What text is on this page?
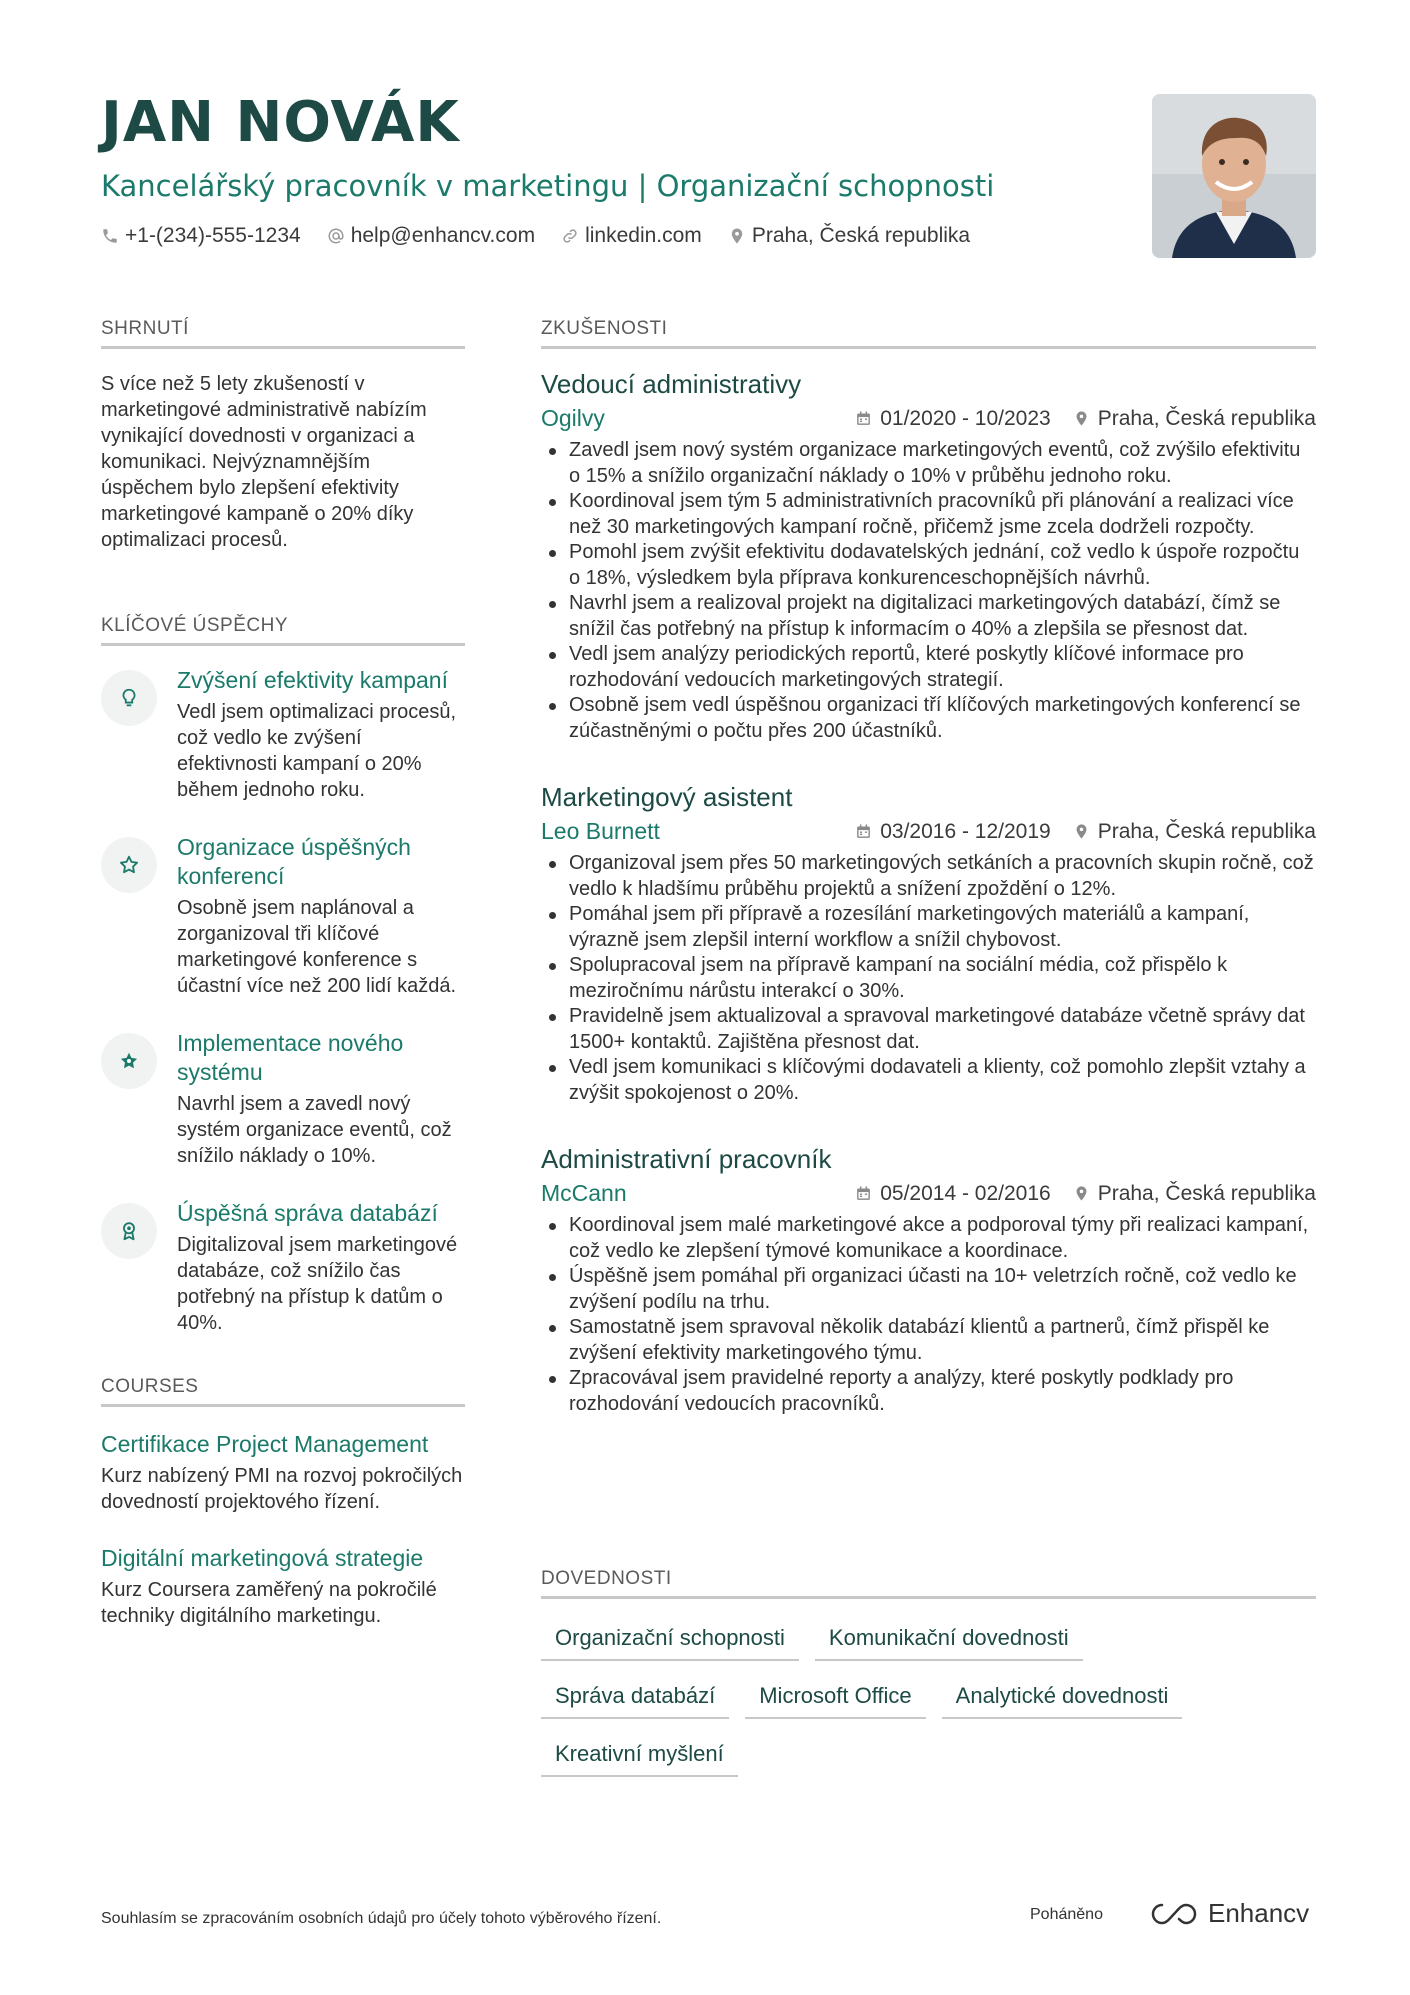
JAN NOVÁK
Kancelářský pracovník v marketingu | Organizační schopnosti
+1-(234)-555-1234 help@enhancv.com linkedin.com Praha, Česká republika
SHRNUTÍ
S více než 5 lety zkušeností v marketingové administrativě nabízím vynikající dovednosti v organizaci a komunikaci. Nejvýznamnějším úspěchem bylo zlepšení efektivity marketingové kampaně o 20% díky optimalizaci procesů.
KLÍČOVÉ ÚSPĚCHY
Zvýšení efektivity kampaní
Vedl jsem optimalizaci procesů, což vedlo ke zvýšení efektivnosti kampaní o 20% během jednoho roku.
Organizace úspěšných konferencí
Osobně jsem naplánoval a zorganizoval tři klíčové marketingové konference s účastní více než 200 lidí každá.
Implementace nového systému
Navrhl jsem a zavedl nový systém organizace eventů, což snížilo náklady o 10%.
Úspěšná správa databází
Digitalizoval jsem marketingové databáze, což snížilo čas potřebný na přístup k datům o 40%.
COURSES
Certifikace Project Management
Kurz nabízený PMI na rozvoj pokročilých dovedností projektového řízení.
Digitální marketingová strategie
Kurz Coursera zaměřený na pokročilé techniky digitálního marketingu.
ZKUŠENOSTI
Vedoucí administrativy
Ogilvy	01/2020 - 10/2023 Praha, Česká republika
Zavedl jsem nový systém organizace marketingových eventů, což zvýšilo efektivitu o 15% a snížilo organizační náklady o 10% v průběhu jednoho roku.
Koordinoval jsem tým 5 administrativních pracovníků při plánování a realizaci více než 30 marketingových kampaní ročně, přičemž jsme zcela dodrželi rozpočty.
Pomohl jsem zvýšit efektivitu dodavatelských jednání, což vedlo k úspoře rozpočtu o 18%, výsledkem byla příprava konkurenceschopnějších návrhů.
Navrhl jsem a realizoval projekt na digitalizaci marketingových databází, čímž se snížil čas potřebný na přístup k informacím o 40% a zlepšila se přesnost dat.
Vedl jsem analýzy periodických reportů, které poskytly klíčové informace pro rozhodování vedoucích marketingových strategií.
Osobně jsem vedl úspěšnou organizaci tří klíčových marketingových konferencí se zúčastněnými o počtu přes 200 účastníků.
Marketingový asistent
Leo Burnett	03/2016 - 12/2019 Praha, Česká republika
Organizoval jsem přes 50 marketingových setkáních a pracovních skupin ročně, což vedlo k hladšímu průběhu projektů a snížení zpoždění o 12%.
Pomáhal jsem při přípravě a rozesílání marketingových materiálů a kampaní, výrazně jsem zlepšil interní workflow a snížil chybovost.
Spolupracoval jsem na přípravě kampaní na sociální média, což přispělo k meziročnímu nárůstu interakcí o 30%.
Pravidelně jsem aktualizoval a spravoval marketingové databáze včetně správy dat 1500+ kontaktů. Zajištěna přesnost dat.
Vedl jsem komunikaci s klíčovými dodavateli a klienty, což pomohlo zlepšit vztahy a zvýšit spokojenost o 20%.
Administrativní pracovník
McCann	05/2014 - 02/2016 Praha, Česká republika
Koordinoval jsem malé marketingové akce a podporoval týmy při realizaci kampaní, což vedlo ke zlepšení týmové komunikace a koordinace.
Úspěšně jsem pomáhal při organizaci účasti na 10+ veletrzích ročně, což vedlo ke zvýšení podílu na trhu.
Samostatně jsem spravoval několik databází klientů a partnerů, čímž přispěl ke zvýšení efektivity marketingového týmu.
Zpracovával jsem pravidelné reporty a analýzy, které poskytly podklady pro rozhodování vedoucích pracovníků.
DOVEDNOSTI
Organizační schopnosti	Komunikační dovednosti
Správa databází	Microsoft Office	Analytické dovednosti
Kreativní myšlení
Souhlasím se zpracováním osobních údajů pro účely tohoto výběrového řízení.	Poháněno	Enhancv
